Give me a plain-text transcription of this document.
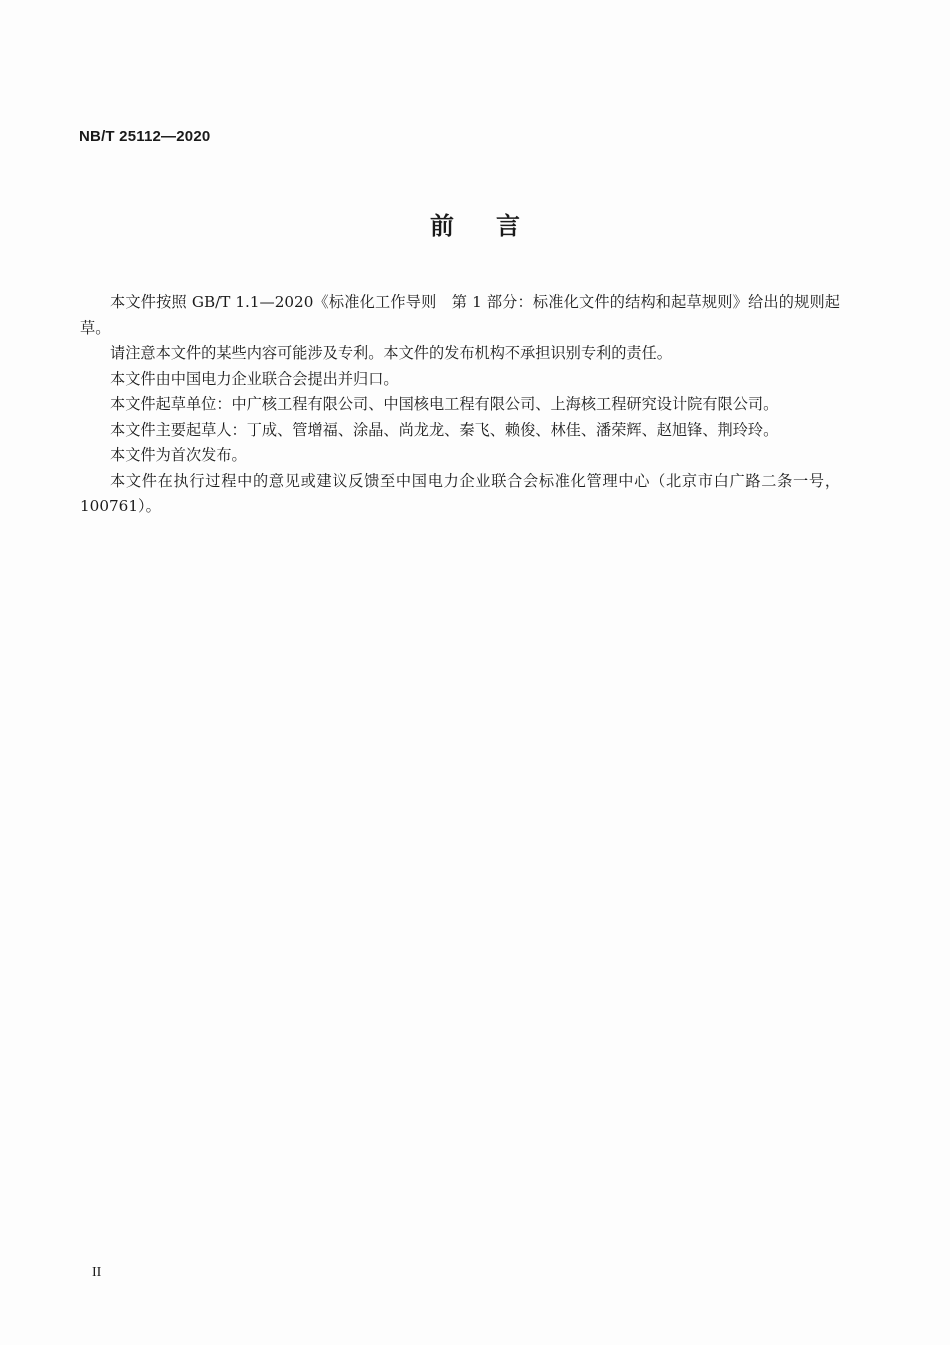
NB/T 25112—2020
前言

本文件按照 GB/T 1.1—2020《标准化工作导则　第 1 部分：标准化文件的结构和起草规则》给出的规则起草。

请注意本文件的某些内容可能涉及专利。本文件的发布机构不承担识别专利的责任。

本文件由中国电力企业联合会提出并归口。

本文件起草单位：中广核工程有限公司、中国核电工程有限公司、上海核工程研究设计院有限公司。

本文件主要起草人：丁成、管增福、涂晶、尚龙龙、秦飞、赖俊、林佳、潘荣辉、赵旭锋、荆玲玲。

本文件为首次发布。

本文件在执行过程中的意见或建议反馈至中国电力企业联合会标准化管理中心（北京市白广路二条一号，100761）。

II
